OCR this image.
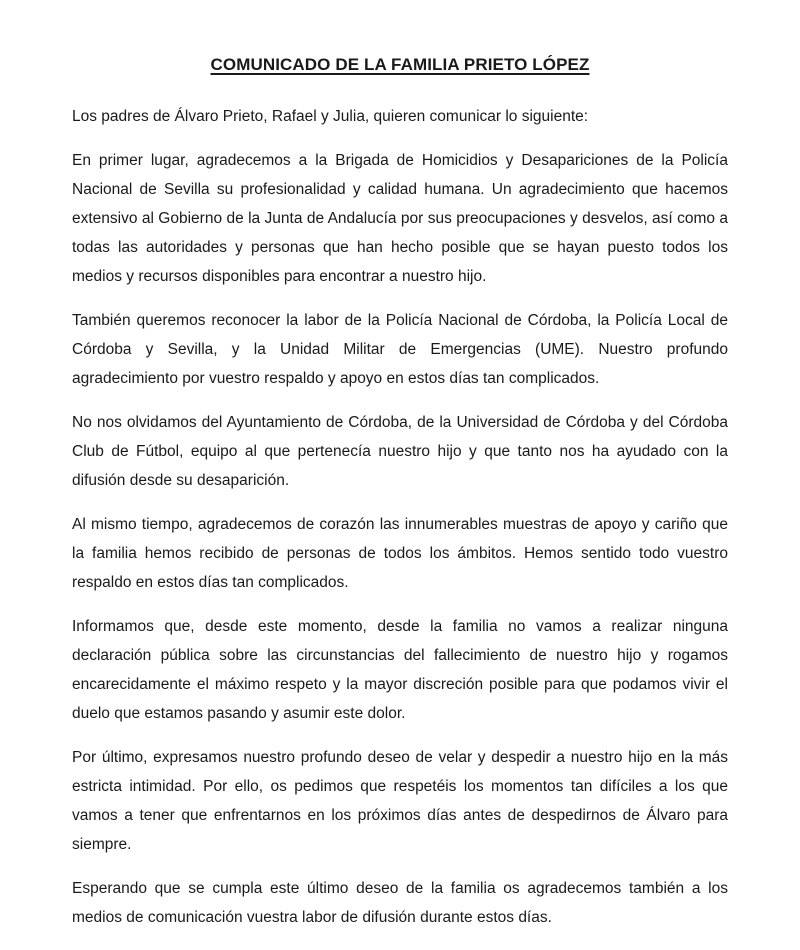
COMUNICADO DE LA FAMILIA PRIETO LÓPEZ

Los padres de Álvaro Prieto, Rafael y Julia, quieren comunicar lo siguiente:

En primer lugar, agradecemos a la Brigada de Homicidios y Desapariciones de la Policía Nacional de Sevilla su profesionalidad y calidad humana. Un agradecimiento que hacemos extensivo al Gobierno de la Junta de Andalucía por sus preocupaciones y desvelos, así como a todas las autoridades y personas que han hecho posible que se hayan puesto todos los medios y recursos disponibles para encontrar a nuestro hijo.

También queremos reconocer la labor de la Policía Nacional de Córdoba, la Policía Local de Córdoba y Sevilla, y la Unidad Militar de Emergencias (UME). Nuestro profundo agradecimiento por vuestro respaldo y apoyo en estos días tan complicados.

No nos olvidamos del Ayuntamiento de Córdoba, de la Universidad de Córdoba y del Córdoba Club de Fútbol, equipo al que pertenecía nuestro hijo y que tanto nos ha ayudado con la difusión desde su desaparición.

Al mismo tiempo, agradecemos de corazón las innumerables muestras de apoyo y cariño que la familia hemos recibido de personas de todos los ámbitos. Hemos sentido todo vuestro respaldo en estos días tan complicados.

Informamos que, desde este momento, desde la familia no vamos a realizar ninguna declaración pública sobre las circunstancias del fallecimiento de nuestro hijo y rogamos encarecidamente el máximo respeto y la mayor discreción posible para que podamos vivir el duelo que estamos pasando y asumir este dolor.

Por último, expresamos nuestro profundo deseo de velar y despedir a nuestro hijo en la más estricta intimidad. Por ello, os pedimos que respetéis los momentos tan difíciles a los que vamos a tener que enfrentarnos en los próximos días antes de despedirnos de Álvaro para siempre.

Esperando que se cumpla este último deseo de la familia os agradecemos también a los medios de comunicación vuestra labor de difusión durante estos días.
